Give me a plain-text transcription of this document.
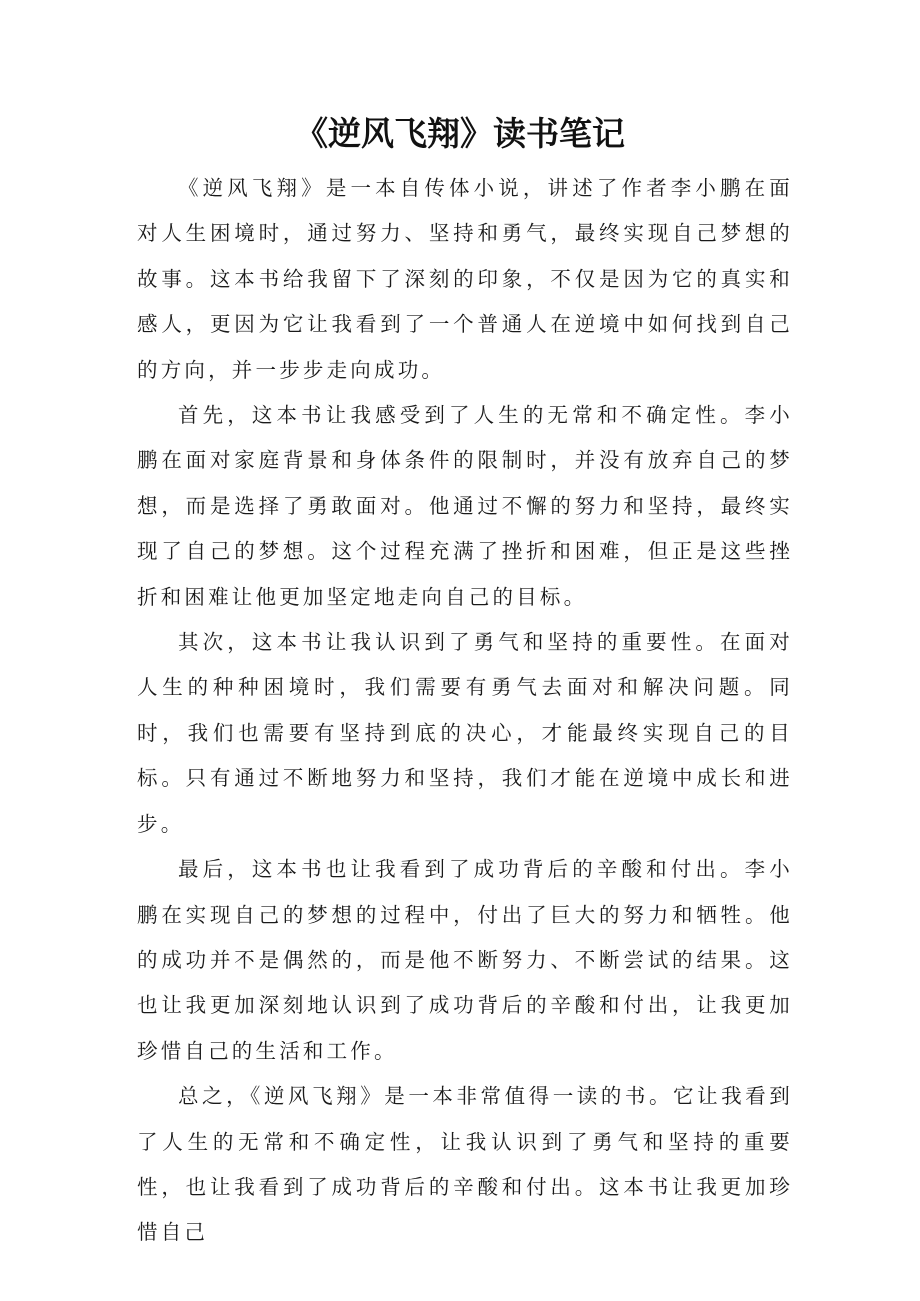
《逆风飞翔》读书笔记

《逆风飞翔》是一本自传体小说，讲述了作者李小鹏在面对人生困境时，通过努力、坚持和勇气，最终实现自己梦想的故事。这本书给我留下了深刻的印象，不仅是因为它的真实和感人，更因为它让我看到了一个普通人在逆境中如何找到自己的方向，并一步步走向成功。

首先，这本书让我感受到了人生的无常和不确定性。李小鹏在面对家庭背景和身体条件的限制时，并没有放弃自己的梦想，而是选择了勇敢面对。他通过不懈的努力和坚持，最终实现了自己的梦想。这个过程充满了挫折和困难，但正是这些挫折和困难让他更加坚定地走向自己的目标。

其次，这本书让我认识到了勇气和坚持的重要性。在面对人生的种种困境时，我们需要有勇气去面对和解决问题。同时，我们也需要有坚持到底的决心，才能最终实现自己的目标。只有通过不断地努力和坚持，我们才能在逆境中成长和进步。

最后，这本书也让我看到了成功背后的辛酸和付出。李小鹏在实现自己的梦想的过程中，付出了巨大的努力和牺牲。他的成功并不是偶然的，而是他不断努力、不断尝试的结果。这也让我更加深刻地认识到了成功背后的辛酸和付出，让我更加珍惜自己的生活和工作。

总之，《逆风飞翔》是一本非常值得一读的书。它让我看到了人生的无常和不确定性，让我认识到了勇气和坚持的重要性，也让我看到了成功背后的辛酸和付出。这本书让我更加珍惜自己
